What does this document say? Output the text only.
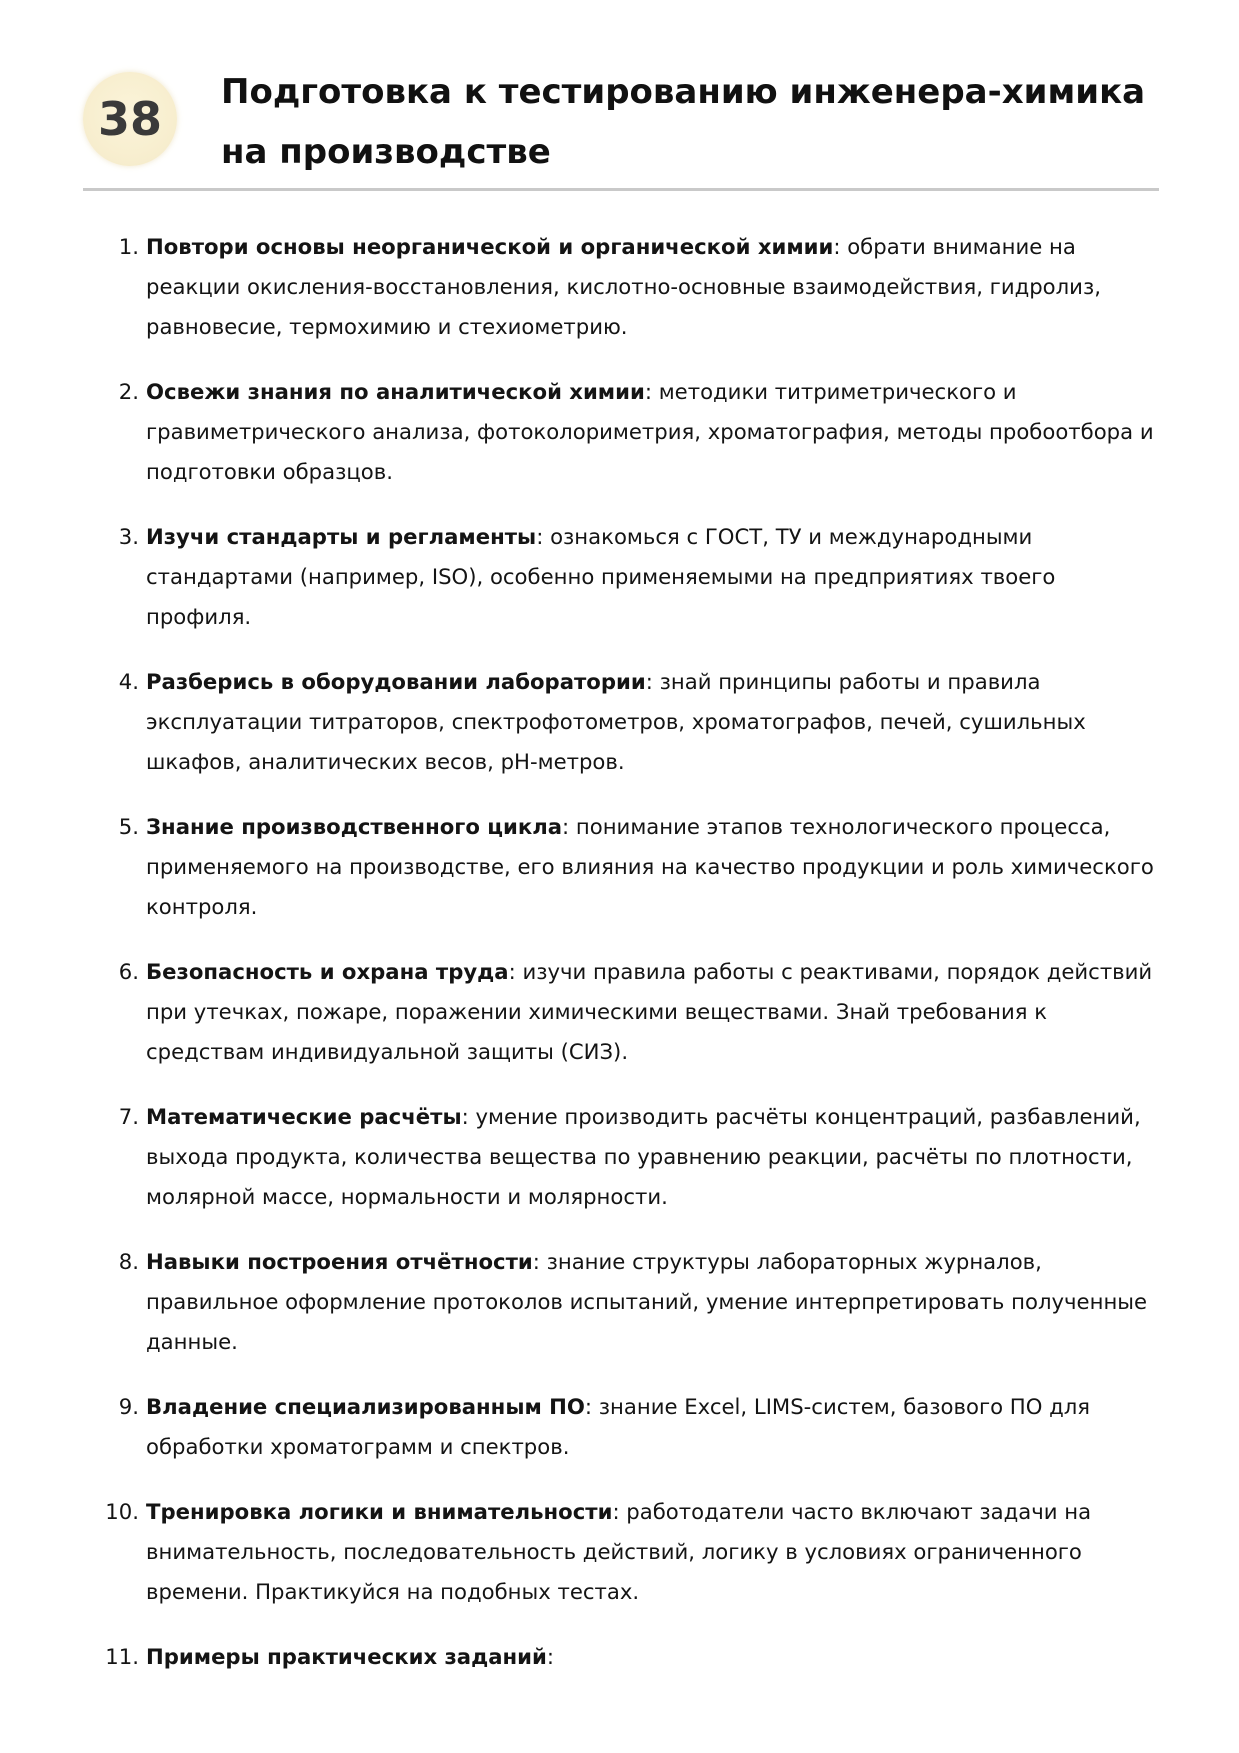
38	Подготовка к тестированию инженера-химика на производстве
1. Повтори основы неорганической и органической химии: обрати внимание на реакции окисления-восстановления, кислотно-основные взаимодействия, гидролиз, равновесие, термохимию и стехиометрию.
2. Освежи знания по аналитической химии: методики титриметрического и гравиметрического анализа, фотоколориметрия, хроматография, методы пробоотбора и подготовки образцов.
3. Изучи стандарты и регламенты: ознакомься с ГОСТ, ТУ и международными стандартами (например, ISO), особенно применяемыми на предприятиях твоего профиля.
4. Разберись в оборудовании лаборатории: знай принципы работы и правила эксплуатации титраторов, спектрофотометров, хроматографов, печей, сушильных шкафов, аналитических весов, pH-метров.
5. Знание производственного цикла: понимание этапов технологического процесса, применяемого на производстве, его влияния на качество продукции и роль химического контроля.
6. Безопасность и охрана труда: изучи правила работы с реактивами, порядок действий при утечках, пожаре, поражении химическими веществами. Знай требования к средствам индивидуальной защиты (СИЗ).
7. Математические расчёты: умение производить расчёты концентраций, разбавлений, выхода продукта, количества вещества по уравнению реакции, расчёты по плотности, молярной массе, нормальности и молярности.
8. Навыки построения отчётности: знание структуры лабораторных журналов, правильное оформление протоколов испытаний, умение интерпретировать полученные данные.
9. Владение специализированным ПО: знание Excel, LIMS-систем, базового ПО для обработки хроматограмм и спектров.
10. Тренировка логики и внимательности: работодатели часто включают задачи на внимательность, последовательность действий, логику в условиях ограниченного времени. Практикуйся на подобных тестах.
11. Примеры практических заданий:
